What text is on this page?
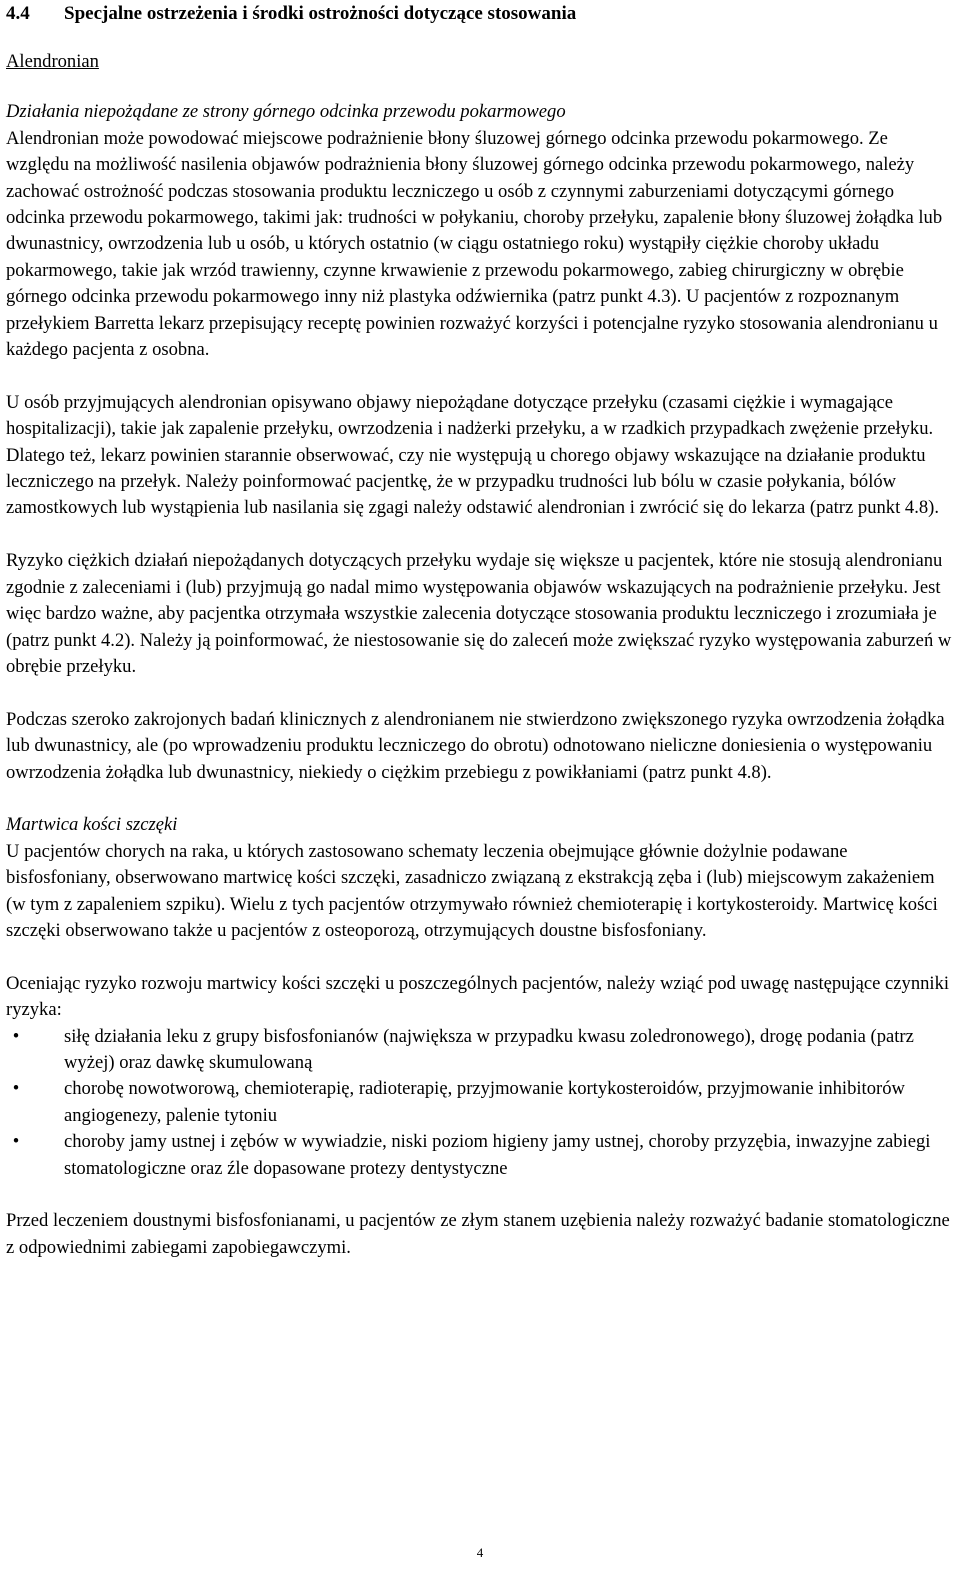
4.4 Specjalne ostrzeżenia i środki ostrożności dotyczące stosowania

Alendronian

Działania niepożądane ze strony górnego odcinka przewodu pokarmowego

Alendronian może powodować miejscowe podrażnienie błony śluzowej górnego odcinka przewodu pokarmowego. Ze względu na możliwość nasilenia objawów podrażnienia błony śluzowej górnego odcinka przewodu pokarmowego, należy zachować ostrożność podczas stosowania produktu leczniczego u osób z czynnymi zaburzeniami dotyczącymi górnego odcinka przewodu pokarmowego, takimi jak: trudności w połykaniu, choroby przełyku, zapalenie błony śluzowej żołądka lub dwunastnicy, owrzodzenia lub u osób, u których ostatnio (w ciągu ostatniego roku) wystąpiły ciężkie choroby układu pokarmowego, takie jak wrzód trawienny, czynne krwawienie z przewodu pokarmowego, zabieg chirurgiczny w obrębie górnego odcinka przewodu pokarmowego inny niż plastyka odźwiernika (patrz punkt 4.3). U pacjentów z rozpoznanym przełykiem Barretta lekarz przepisujący receptę powinien rozważyć korzyści i potencjalne ryzyko stosowania alendronianu u każdego pacjenta z osobna.

U osób przyjmujących alendronian opisywano objawy niepożądane dotyczące przełyku (czasami ciężkie i wymagające hospitalizacji), takie jak zapalenie przełyku, owrzodzenia i nadżerki przełyku, a w rzadkich przypadkach zwężenie przełyku. Dlatego też, lekarz powinien starannie obserwować, czy nie występują u chorego objawy wskazujące na działanie produktu leczniczego na przełyk. Należy poinformować pacjentkę, że w przypadku trudności lub bólu w czasie połykania, bólów zamostkowych lub wystąpienia lub nasilania się zgagi należy odstawić alendronian i zwrócić się do lekarza (patrz punkt 4.8).

Ryzyko ciężkich działań niepożądanych dotyczących przełyku wydaje się większe u pacjentek, które nie stosują alendronianu zgodnie z zaleceniami i (lub) przyjmują go nadal mimo występowania objawów wskazujących na podrażnienie przełyku. Jest więc bardzo ważne, aby pacjentka otrzymała wszystkie zalecenia dotyczące stosowania produktu leczniczego i zrozumiała je (patrz punkt 4.2). Należy ją poinformować, że niestosowanie się do zaleceń może zwiększać ryzyko występowania zaburzeń w obrębie przełyku.

Podczas szeroko zakrojonych badań klinicznych z alendronianem nie stwierdzono zwiększonego ryzyka owrzodzenia żołądka lub dwunastnicy, ale (po wprowadzeniu produktu leczniczego do obrotu) odnotowano nieliczne doniesienia o występowaniu owrzodzenia żołądka lub dwunastnicy, niekiedy o ciężkim przebiegu z powikłaniami (patrz punkt 4.8).

Martwica kości szczęki

U pacjentów chorych na raka, u których zastosowano schematy leczenia obejmujące głównie dożylnie podawane bisfosfoniany, obserwowano martwicę kości szczęki, zasadniczo związaną z ekstrakcją zęba i (lub) miejscowym zakażeniem (w tym z zapaleniem szpiku). Wielu z tych pacjentów otrzymywało również chemioterapię i kortykosteroidy. Martwicę kości szczęki obserwowano także u pacjentów z osteoporozą, otrzymujących doustne bisfosfoniany.

Oceniając ryzyko rozwoju martwicy kości szczęki u poszczególnych pacjentów, należy wziąć pod uwagę następujące czynniki ryzyka:

•	siłę działania leku z grupy bisfosfonianów (największa w przypadku kwasu zoledronowego), drogę podania (patrz wyżej) oraz dawkę skumulowaną
•	chorobę nowotworową, chemioterapię, radioterapię, przyjmowanie kortykosteroidów, przyjmowanie inhibitorów angiogenezy, palenie tytoniu
•	choroby jamy ustnej i zębów w wywiadzie, niski poziom higieny jamy ustnej, choroby przyzębia, inwazyjne zabiegi stomatologiczne oraz źle dopasowane protezy dentystyczne

Przed leczeniem doustnymi bisfosfonianami, u pacjentów ze złym stanem uzębienia należy rozważyć badanie stomatologiczne z odpowiednimi zabiegami zapobiegawczymi.

4
